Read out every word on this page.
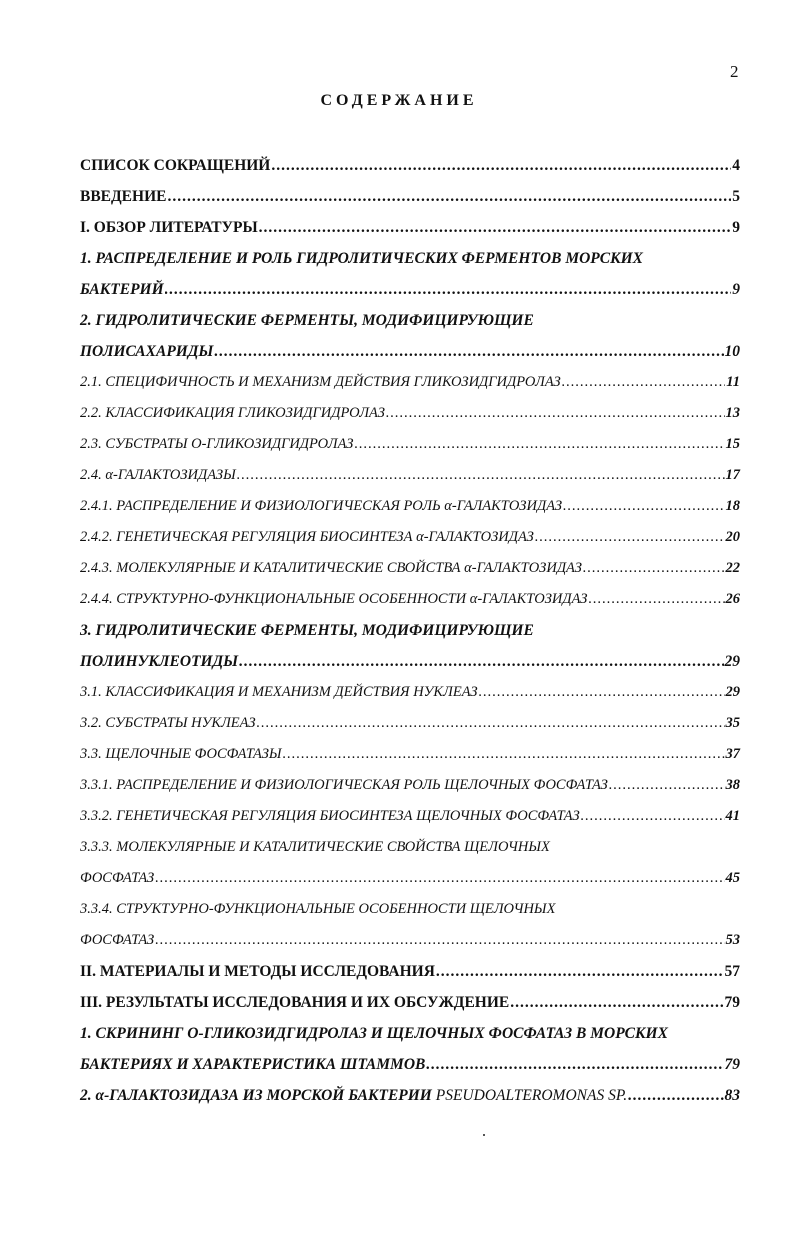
2
СОДЕРЖАНИЕ
СПИСОК СОКРАЩЕНИЙ .....	4
ВВЕДЕНИЕ .....	5
I. ОБЗОР ЛИТЕРАТУРЫ .....	9
1. РАСПРЕДЕЛЕНИЕ И РОЛЬ ГИДРОЛИТИЧЕСКИХ ФЕРМЕНТОВ МОРСКИХ
БАКТЕРИЙ .....	9
2. ГИДРОЛИТИЧЕСКИЕ ФЕРМЕНТЫ, МОДИФИЦИРУЮЩИЕ
ПОЛИСАХАРИДЫ .....	10
2.1. СПЕЦИФИЧНОСТЬ И МЕХАНИЗМ ДЕЙСТВИЯ ГЛИКОЗИДГИДРОЛАЗ .....	11
2.2. КЛАССИФИКАЦИЯ ГЛИКОЗИДГИДРОЛАЗ .....	13
2.3. СУБСТРАТЫ О-ГЛИКОЗИДГИДРОЛАЗ .....	15
2.4. α-ГАЛАКТОЗИДАЗЫ .....	17
2.4.1. РАСПРЕДЕЛЕНИЕ И ФИЗИОЛОГИЧЕСКАЯ РОЛЬ α-ГАЛАКТОЗИДАЗ .....	18
2.4.2. ГЕНЕТИЧЕСКАЯ РЕГУЛЯЦИЯ БИОСИНТЕЗА α-ГАЛАКТОЗИДАЗ .....	20
2.4.3. МОЛЕКУЛЯРНЫЕ И КАТАЛИТИЧЕСКИЕ СВОЙСТВА α-ГАЛАКТОЗИДАЗ .....	22
2.4.4. СТРУКТУРНО-ФУНКЦИОНАЛЬНЫЕ ОСОБЕННОСТИ α-ГАЛАКТОЗИДАЗ .....	26
3. ГИДРОЛИТИЧЕСКИЕ ФЕРМЕНТЫ, МОДИФИЦИРУЮЩИЕ
ПОЛИНУКЛЕОТИДЫ .....	29
3.1. КЛАССИФИКАЦИЯ И МЕХАНИЗМ ДЕЙСТВИЯ НУКЛЕАЗ .....	29
3.2. СУБСТРАТЫ НУКЛЕАЗ .....	35
3.3. ЩЕЛОЧНЫЕ ФОСФАТАЗЫ .....	37
3.3.1. РАСПРЕДЕЛЕНИЕ И ФИЗИОЛОГИЧЕСКАЯ РОЛЬ ЩЕЛОЧНЫХ ФОСФАТАЗ .....	38
3.3.2. ГЕНЕТИЧЕСКАЯ РЕГУЛЯЦИЯ БИОСИНТЕЗА ЩЕЛОЧНЫХ ФОСФАТАЗ .....	41
3.3.3. МОЛЕКУЛЯРНЫЕ И КАТАЛИТИЧЕСКИЕ СВОЙСТВА ЩЕЛОЧНЫХ
ФОСФАТАЗ .....	45
3.3.4. СТРУКТУРНО-ФУНКЦИОНАЛЬНЫЕ ОСОБЕННОСТИ ЩЕЛОЧНЫХ
ФОСФАТАЗ .....	53
II. МАТЕРИАЛЫ И МЕТОДЫ ИССЛЕДОВАНИЯ .....	57
III. РЕЗУЛЬТАТЫ ИССЛЕДОВАНИЯ И ИХ ОБСУЖДЕНИЕ .....	79
1. СКРИНИНГ О-ГЛИКОЗИДГИДРОЛАЗ И ЩЕЛОЧНЫХ ФОСФАТАЗ В МОРСКИХ
БАКТЕРИЯХ И ХАРАКТЕРИСТИКА ШТАММОВ .....	79
2. α-ГАЛАКТОЗИДАЗА ИЗ МОРСКОЙ БАКТЕРИИ
PSEUDOALTEROMONAS SP. .....	83
